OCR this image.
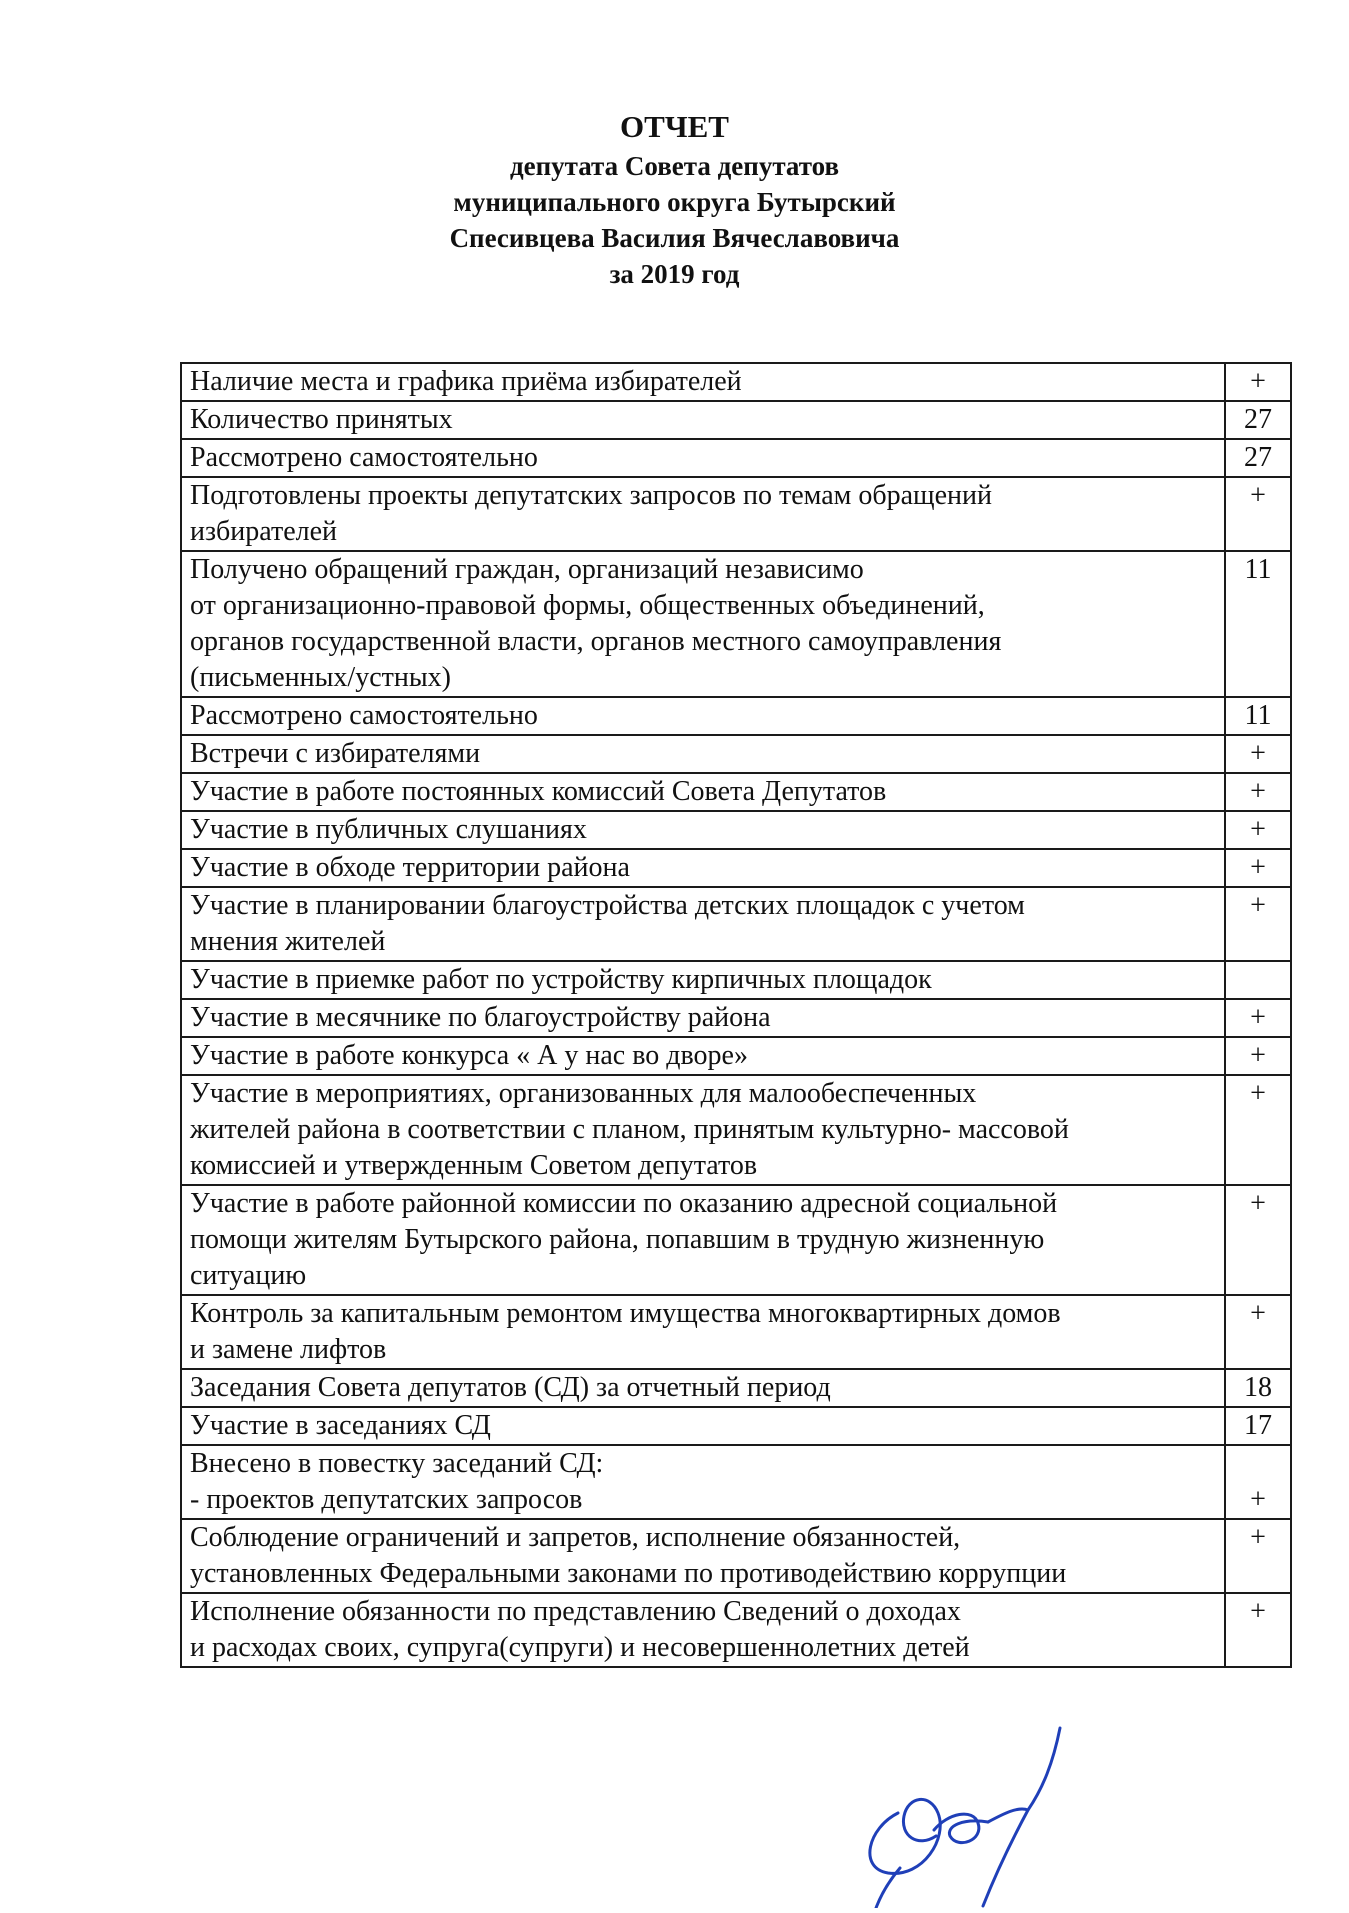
ОТЧЕТ
депутата Совета депутатов
муниципального округа Бутырский
Спесивцева Василия Вячеславовича
за 2019 год
Наличие места и графика приёма избирателей	+
Количество принятых	27
Рассмотрено самостоятельно	27
Подготовлены проекты депутатских запросов по темам обращений
избирателей	+
Получено обращений граждан, организаций независимо
от организационно-правовой формы, общественных объединений,
органов государственной власти, органов местного самоуправления
(письменных/устных)	11
Рассмотрено самостоятельно	11
Встречи с избирателями	+
Участие в работе постоянных комиссий Совета Депутатов	+
Участие в публичных слушаниях	+
Участие в обходе территории района	+
Участие в планировании благоустройства детских площадок с учетом
мнения жителей	+
Участие в приемке работ по устройству кирпичных площадок	
Участие в месячнике по благоустройству района	+
Участие в работе конкурса « А у нас во дворе»	+
Участие в мероприятиях, организованных для малообеспеченных
жителей района в соответствии с планом, принятым культурно- массовой
комиссией и утвержденным Советом депутатов	+
Участие в работе районной комиссии по оказанию адресной социальной
помощи жителям Бутырского района, попавшим в трудную жизненную
ситуацию	+
Контроль за капитальным ремонтом имущества многоквартирных домов
и замене лифтов	+
Заседания Совета депутатов (СД) за отчетный период	18
Участие в заседаниях СД	17
Внесено в повестку заседаний СД:
- проектов депутатских запросов	+
Соблюдение ограничений и запретов, исполнение обязанностей,
установленных Федеральными законами по противодействию коррупции	+
Исполнение обязанности по представлению Сведений о доходах
и расходах своих, супруга(супруги) и несовершеннолетних детей	+
